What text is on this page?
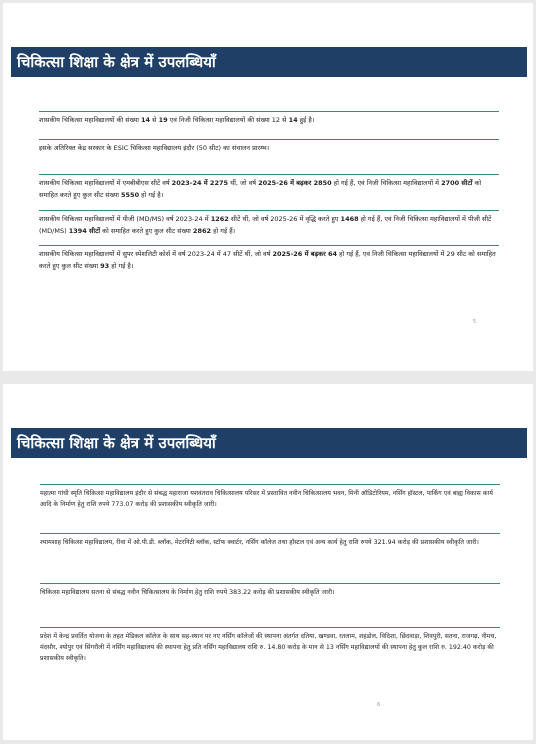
चिकित्सा शिक्षा के क्षेत्र में उपलब्धियाँ
शासकीय चिकित्सा महाविद्यालयों की संख्या 14 से 19 एवं निजी चिकित्सा महाविद्यालयों की संख्या 12 से 14 हुई है।
इसके अतिरिक्त केंद्र सरकार के ESIC चिकित्सा महाविद्यालय इंदौर (50 सीट) का संचालन प्रारम्भ।
शासकीय चिकित्सा महाविद्यालयों में एमबीबीएस सीटें वर्ष 2023-24 में 2275 थीं, जो वर्ष 2025-26 में बढ़कर 2850 हो गई हैं, एवं निजी चिकित्सा महाविद्यालयों में 2700 सीटों को समाहित करते हुए कुल सीट संख्या 5550 हो गई है।
शासकीय चिकित्सा महाविद्यालयों में पीजी (MD/MS) वर्ष 2023-24 में 1262 सीटें थीं, जो वर्ष 2025-26 में वृद्धि करते हुए 1468 हो गई हैं, एवं निजी चिकित्सा महाविद्यालयों में पीजी सीटें (MD/MS) 1394 सीटों को समाहित करते हुए कुल सीट संख्या 2862 हो गई हैं।
शासकीय चिकित्सा महाविद्यालयों में सुपर स्पेशलिटी कोर्स में वर्ष 2023-24 में 47 सीटें थीं, जो वर्ष 2025-26 में बढ़कर 64 हो गई हैं, एवं निजी चिकित्सा महाविद्यालयों में 29 सीट को समाहित करते हुए कुल सीट संख्या 93 हो गई है।
5
चिकित्सा शिक्षा के क्षेत्र में उपलब्धियाँ
महात्मा गांधी स्मृति चिकित्सा महाविद्यालय इंदौर से संबद्ध महाराजा यशवंतराव चिकित्सालय परिसर में प्रस्तावित नवीन चिकित्सालय भवन, मिनी ऑडिटोरियम, नर्सिंग हॉस्टल, पार्किंग एवं बाह्य विकास कार्य आदि के निर्माण हेतु राशि रुपये 773.07 करोड़ की प्रशासकीय स्वीकृति जारी।
श्यामशाह चिकित्सा महाविद्यालय, रीवा में ओ.पी.डी. ब्लॉक, मेटरनिटी ब्लॉक, स्टॉफ क्वार्टर, नर्सिंग कॉलेज तथा हॉस्टल एवं अन्य कार्य हेतु राशि रुपये 321.94 करोड़ की प्रशासकीय स्वीकृति जारी।
चिकित्सा महाविद्यालय सतना से संबद्ध नवीन चिकित्सालय के निर्माण हेतु राशि रुपये 383.22 करोड़ की प्रशासकीय स्वीकृति जारी।
प्रदेश में केन्द्र प्रवर्तित योजना के तहत मेडिकल कॉलेज के साथ सह-स्थान पर नए नर्सिंग कॉलेजों की स्थापना अंतर्गत दतिया, खण्डवा, रतलाम, शहडोल, विदिशा, छिंदवाड़ा, शिवपुरी, सतना, राजगढ़, नीमच, मंदसौर, श्योपुर एवं सिंगरौली में नर्सिंग महाविद्यालय की स्थापना हेतु प्रति नर्सिंग महाविद्यालय राशि रु. 14.80 करोड़ के मान से 13 नर्सिंग महाविद्यालयों की स्थापना हेतु कुल राशि रु. 192.40 करोड़ की प्रशासकीय स्वीकृति।
6
